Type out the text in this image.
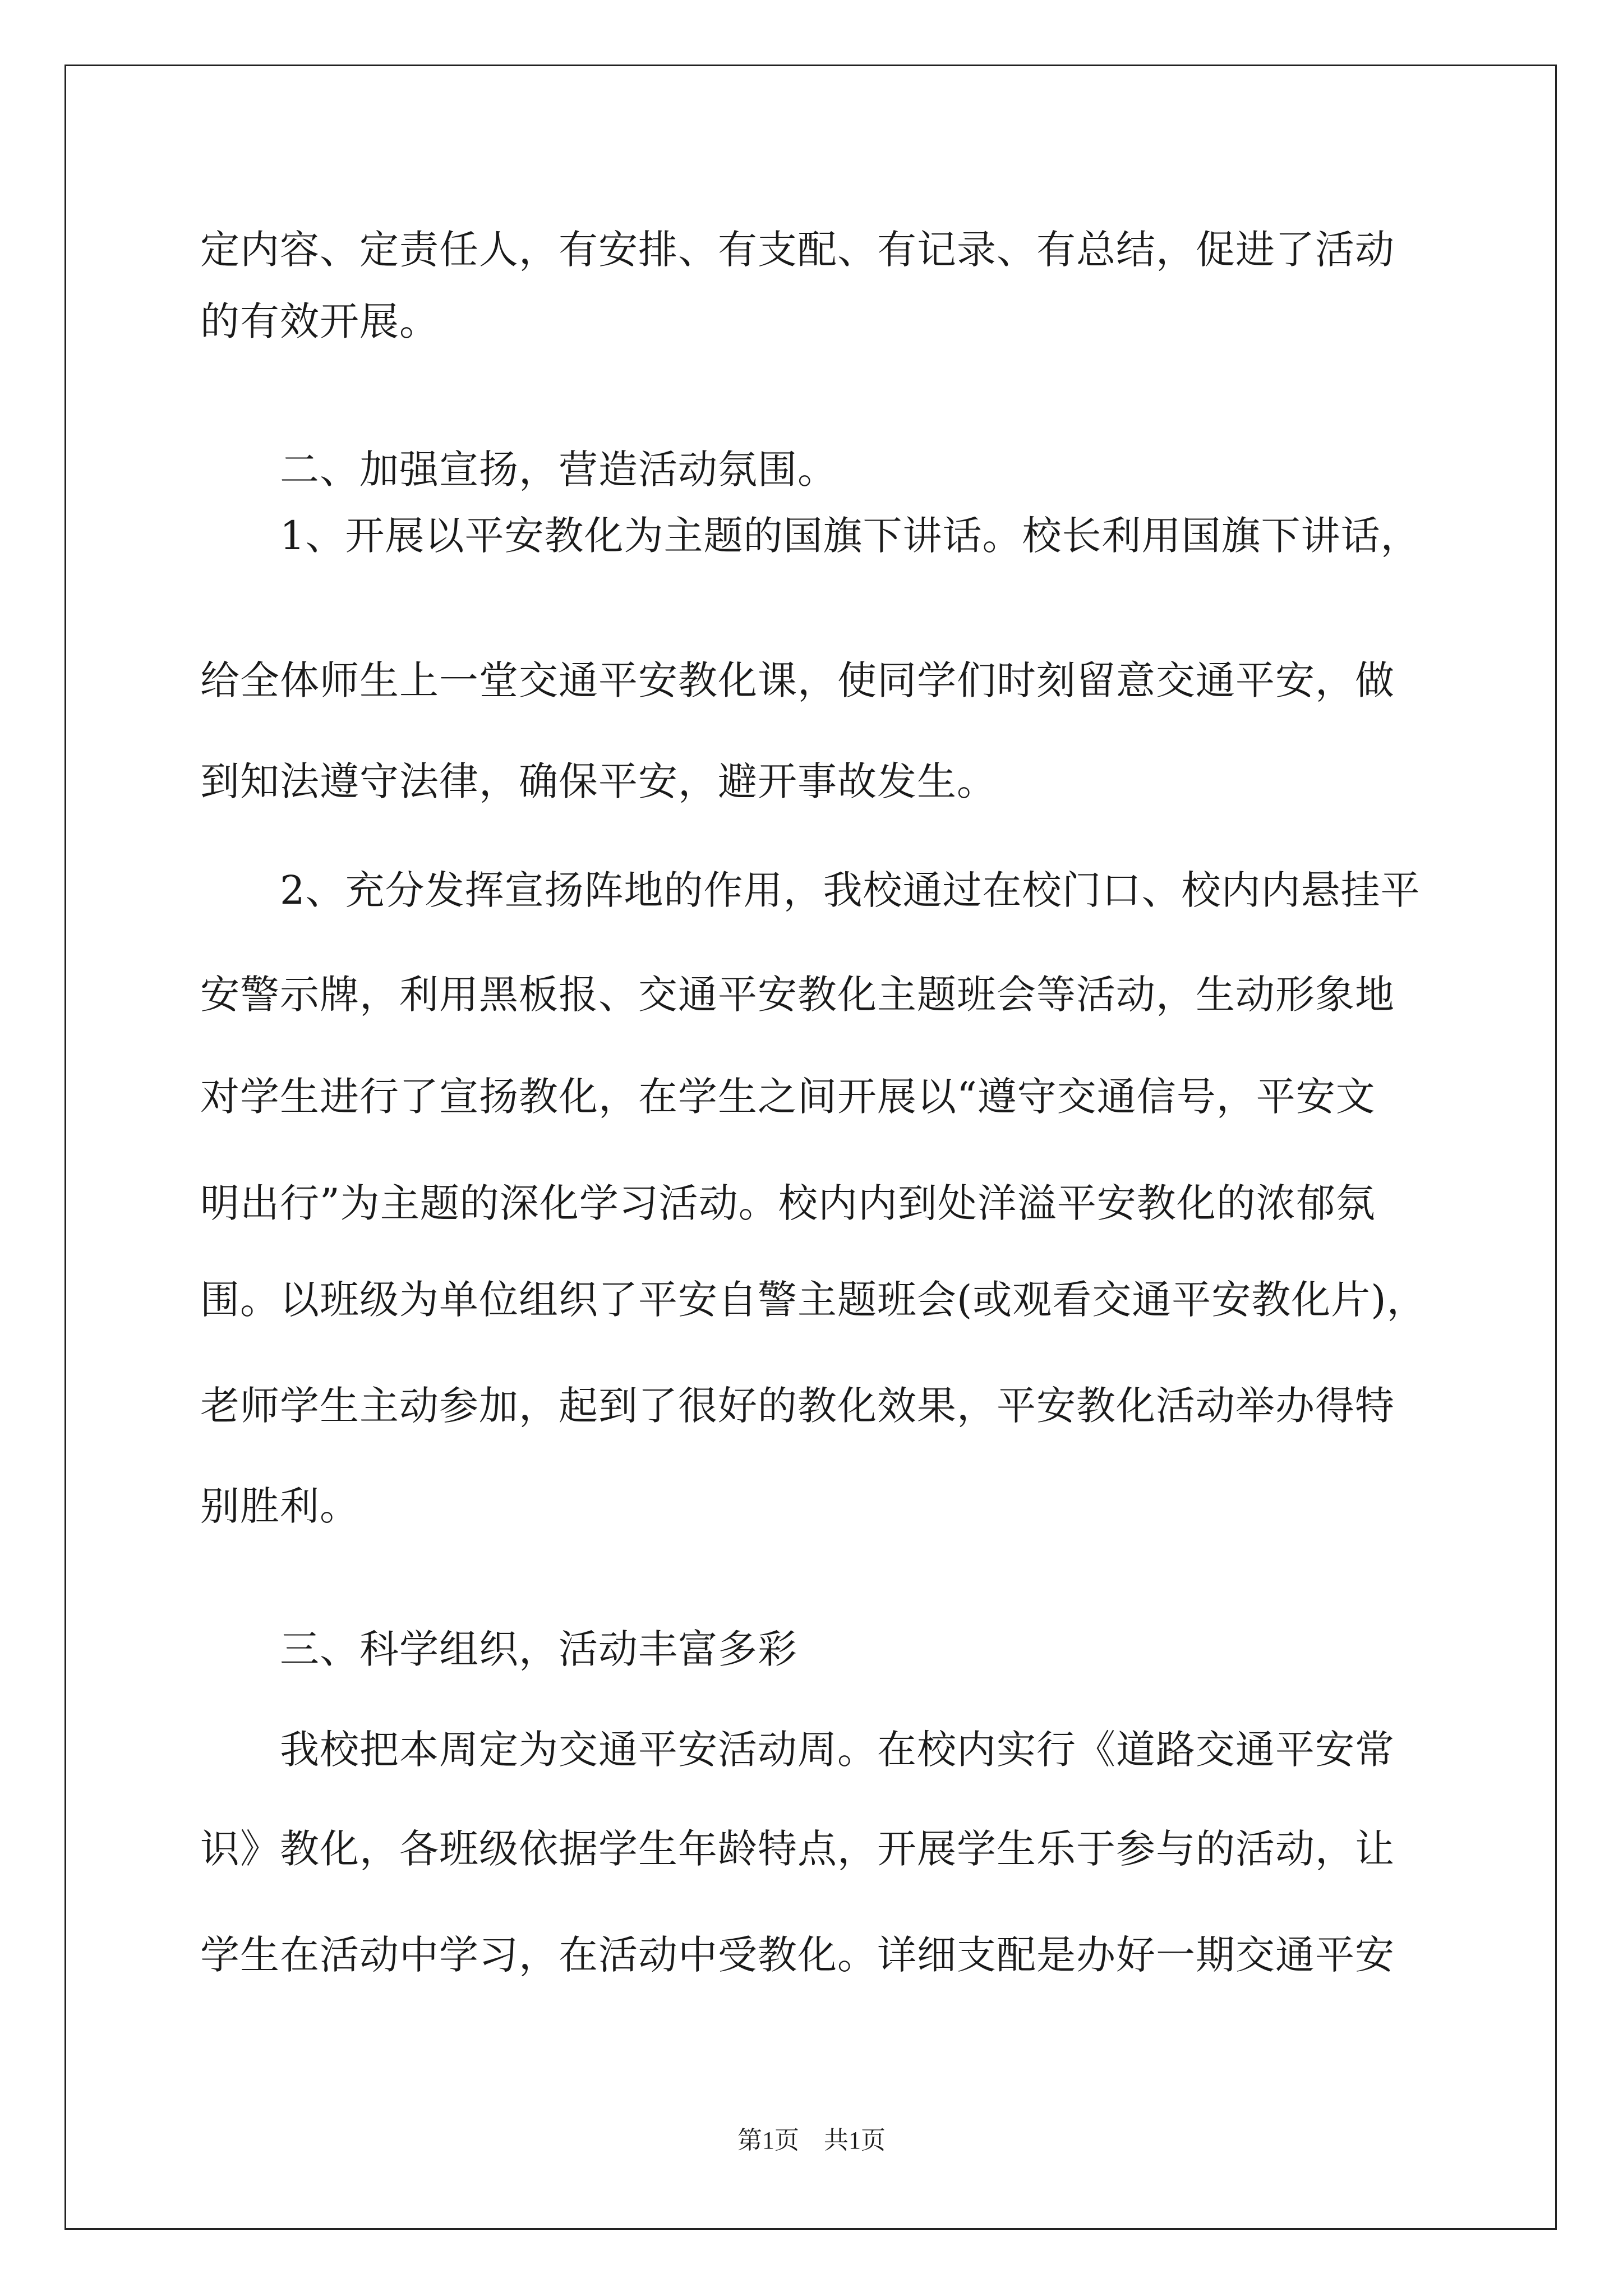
定内容、定责任人，有安排、有支配、有记录、有总结，促进了活动
的有效开展。
　　二、加强宣扬，营造活动氛围。
　　1、开展以平安教化为主题的国旗下讲话。校长利用国旗下讲话，
给全体师生上一堂交通平安教化课，使同学们时刻留意交通平安，做
到知法遵守法律，确保平安，避开事故发生。
　　2、充分发挥宣扬阵地的作用，我校通过在校门口、校内内悬挂平
安警示牌，利用黑板报、交通平安教化主题班会等活动，生动形象地
对学生进行了宣扬教化，在学生之间开展以“遵守交通信号，平安文
明出行”为主题的深化学习活动。校内内到处洋溢平安教化的浓郁氛
围。以班级为单位组织了平安自警主题班会(或观看交通平安教化片)，
老师学生主动参加，起到了很好的教化效果，平安教化活动举办得特
别胜利。
　　三、科学组织，活动丰富多彩
　　我校把本周定为交通平安活动周。在校内实行《道路交通平安常
识》教化，各班级依据学生年龄特点，开展学生乐于参与的活动，让
学生在活动中学习，在活动中受教化。详细支配是办好一期交通平安
第1页　共1页
